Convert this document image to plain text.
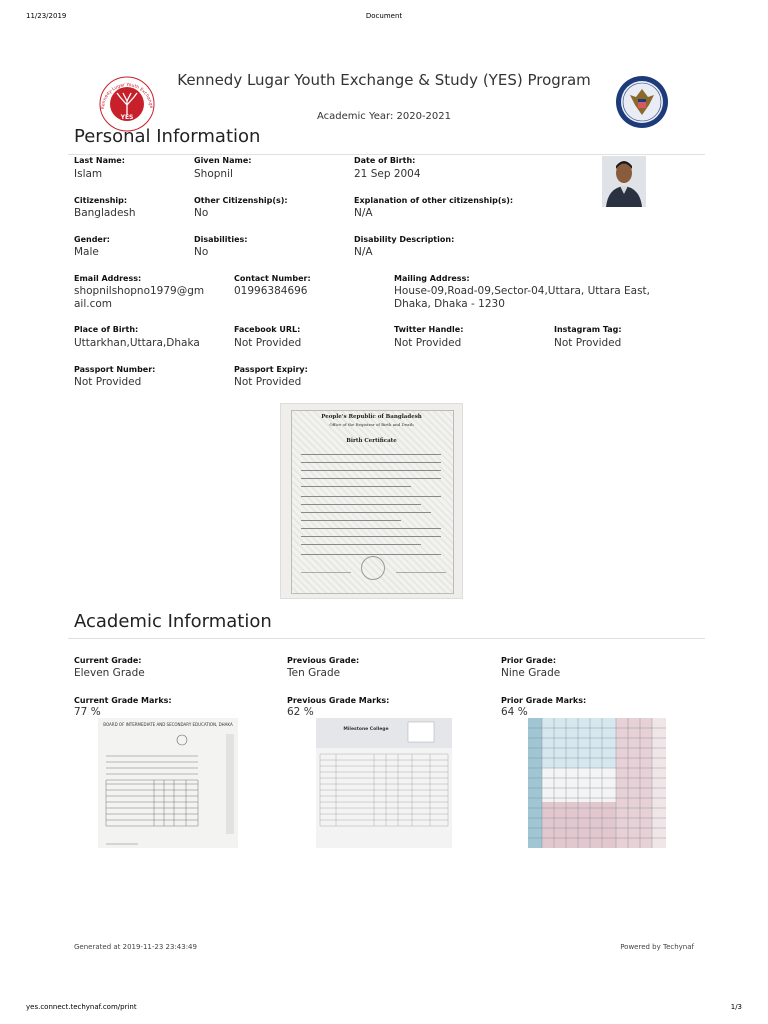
11/23/2019	Document
YES
Kennedy-Lugar Youth Exchange
Kennedy Lugar Youth Exchange & Study (YES) Program
Academic Year: 2020-2021
Personal Information
Last Name:
Islam
Given Name:
Shopnil
Date of Birth:
21 Sep 2004
Citizenship:
Bangladesh
Other Citizenship(s):
No
Explanation of other citizenship(s):
N/A
Gender:
Male
Disabilities:
No
Disability Description:
N/A
Email Address:
shopnilshopno1979@gm ail.com
Contact Number:
01996384696
Mailing Address:
House-09,Road-09,Sector-04,Uttara, Uttara East, Dhaka, Dhaka - 1230
Place of Birth:
Uttarkhan,Uttara,Dhaka
Facebook URL:
Not Provided
Twitter Handle:
Not Provided
Instagram Tag:
Not Provided
Passport Number:
Not Provided
Passport Expiry:
Not Provided
People's Republic of Bangladesh
Office of the Registrar of Birth and Death
Birth Certificate
Academic Information
Current Grade:
Eleven Grade
Previous Grade:
Ten Grade
Prior Grade:
Nine Grade
Current Grade Marks:
77 %
Previous Grade Marks:
62 %
Prior Grade Marks:
64 %
BOARD OF INTERMEDIATE AND SECONDARY EDUCATION, DHAKA
Milestone College
Generated at 2019-11-23 23:43:49	Powered by Techynaf
yes.connect.techynaf.com/print	1/3
